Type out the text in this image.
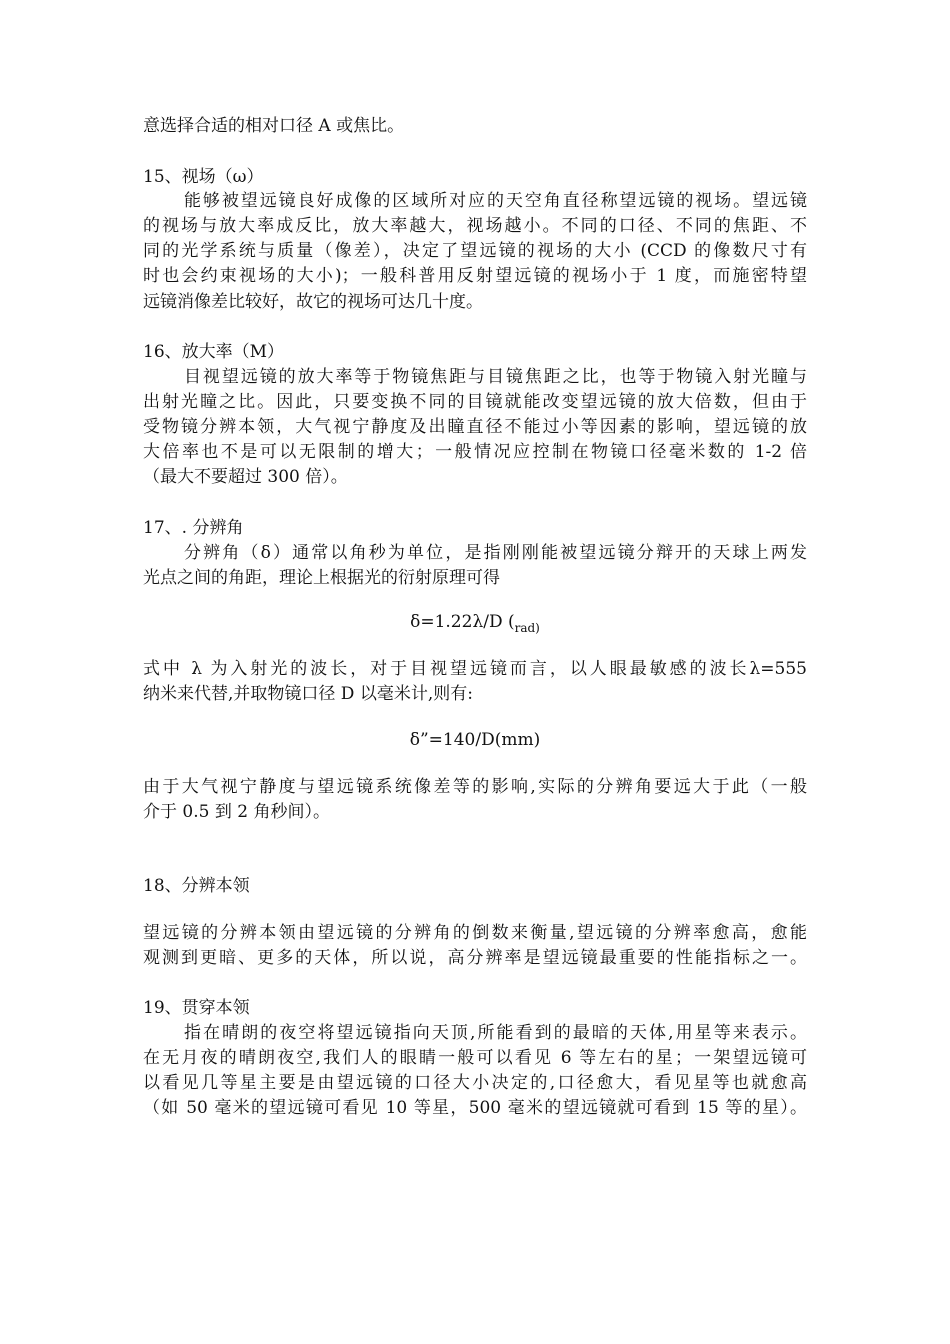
意选择合适的相对口径 A 或焦比。
15、视场（ω）
能够被望远镜良好成像的区域所对应的天空角直径称望远镜的视场。望远镜
的视场与放大率成反比，放大率越大，视场越小。不同的口径、不同的焦距、不
同的光学系统与质量（像差），决定了望远镜的视场的大小 (CCD 的像数尺寸有
时也会约束视场的大小)；一般科普用反射望远镜的视场小于 1 度，而施密特望
远镜消像差比较好，故它的视场可达几十度。
16、放大率（M）
目视望远镜的放大率等于物镜焦距与目镜焦距之比，也等于物镜入射光瞳与
出射光瞳之比。因此，只要变换不同的目镜就能改变望远镜的放大倍数，但由于
受物镜分辨本领，大气视宁静度及出瞳直径不能过小等因素的影响，望远镜的放
大倍率也不是可以无限制的增大；一般情况应控制在物镜口径毫米数的 1-2 倍
（最大不要超过 300 倍）。
17、. 分辨角
分辨角（δ）通常以角秒为单位，是指刚刚能被望远镜分辩开的天球上两发
光点之间的角距，理论上根据光的衍射原理可得
δ=1.22λ/D ($_{rad)}$
式中 λ 为入射光的波长，对于目视望远镜而言，以人眼最敏感的波长λ=555
纳米来代替,并取物镜口径 D 以毫米计,则有:
δ”=140/D(mm)
由于大气视宁静度与望远镜系统像差等的影响,实际的分辨角要远大于此（一般
介于 0.5 到 2 角秒间）。
18、分辨本领
望远镜的分辨本领由望远镜的分辨角的倒数来衡量,望远镜的分辨率愈高，愈能
观测到更暗、更多的天体，所以说，高分辨率是望远镜最重要的性能指标之一。
19、贯穿本领
指在晴朗的夜空将望远镜指向天顶,所能看到的最暗的天体,用星等来表示。
在无月夜的晴朗夜空,我们人的眼睛一般可以看见 6 等左右的星；一架望远镜可
以看见几等星主要是由望远镜的口径大小决定的,口径愈大，看见星等也就愈高
（如 50 毫米的望远镜可看见 10 等星，500 毫米的望远镜就可看到 15 等的星）。
